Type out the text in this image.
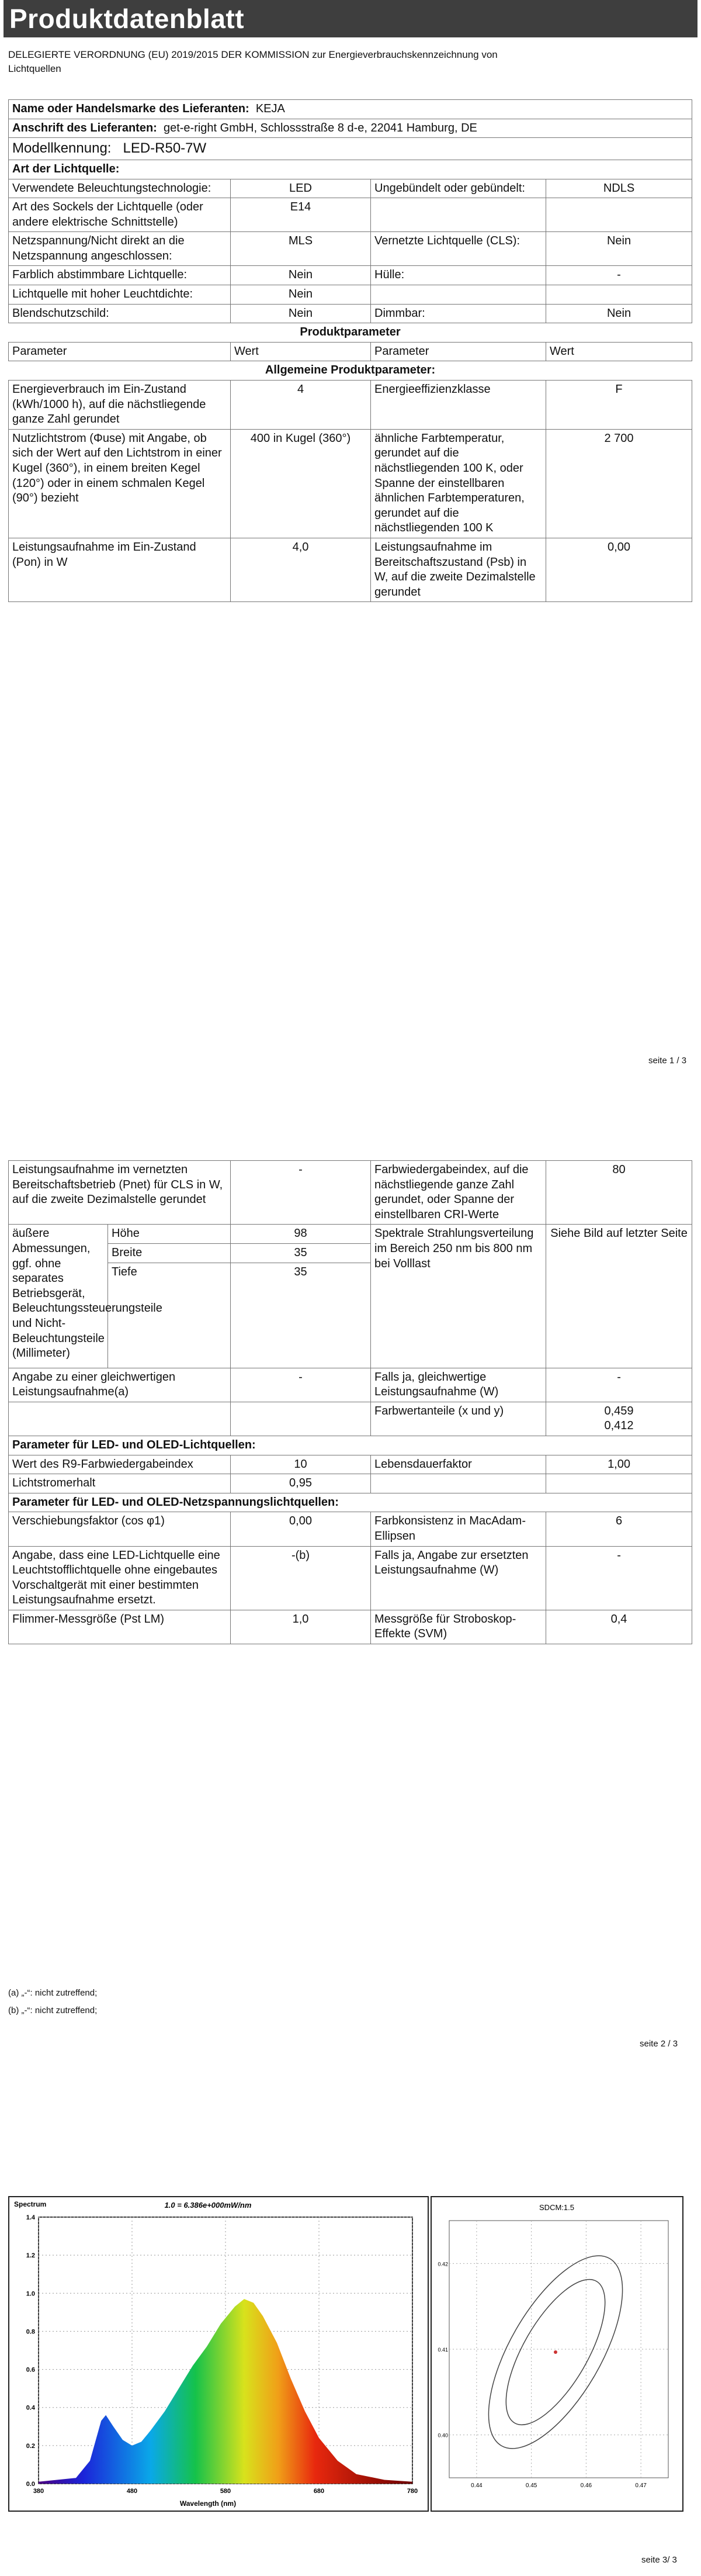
Produktdatenblatt
DELEGIERTE VERORDNUNG (EU) 2019/2015 DER KOMMISSION zur Energieverbrauchskennzeichnung von Lichtquellen
Name oder Handelsmarke des Lieferanten: KEJA			
Anschrift des Lieferanten: get-e-right GmbH, Schlossstraße 8 d-e, 22041 Hamburg, DE			
Modellkennung: LED-R50-7W			
Art der Lichtquelle:			
Verwendete Beleuchtungstechnologie:	LED	Ungebündelt oder gebündelt:	NDLS
Art des Sockels der Lichtquelle (oder andere elektrische Schnittstelle)	E14		
Netzspannung/Nicht direkt an die Netzspannung angeschlossen:	MLS	Vernetzte Lichtquelle (CLS):	Nein
Farblich abstimmbare Lichtquelle:	Nein	Hülle:	-
Lichtquelle mit hoher Leuchtdichte:	Nein		
Blendschutzschild:	Nein	Dimmbar:	Nein
Produktparameter			
Parameter	Wert	Parameter	Wert
Allgemeine Produktparameter:			
Energieverbrauch im Ein-Zustand (kWh/1000 h), auf die nächstliegende ganze Zahl gerundet	4	Energieeffizienzklasse	F
Nutzlichtstrom (Φuse) mit Angabe, ob sich der Wert auf den Lichtstrom in einer Kugel (360°), in einem breiten Kegel (120°) oder in einem schmalen Kegel (90°) bezieht	400 in Kugel (360°)	ähnliche Farbtemperatur, gerundet auf die nächstliegenden 100 K, oder Spanne der einstellbaren ähnlichen Farbtemperaturen, gerundet auf die nächstliegenden 100 K	2 700
Leistungsaufnahme im Ein-Zustand (Pon) in W	4,0	Leistungsaufnahme im Bereitschaftszustand (Psb) in W, auf die zweite Dezimalstelle gerundet	0,00
seite 1 / 3
Leistungsaufnahme im vernetzten Bereitschaftsbetrieb (Pnet) für CLS in W, auf die zweite Dezimalstelle gerundet		-	Farbwiedergabeindex, auf die nächstliegende ganze Zahl gerundet, oder Spanne der einstellbaren CRI-Werte	80
äußere Abmessungen, ggf. ohne separates Betriebsgerät, Beleuchtungssteuerungsteile und Nicht-Beleuchtungsteile (Millimeter)	Höhe	98	Spektrale Strahlungsverteilung im Bereich 250 nm bis 800 nm bei Volllast	Siehe Bild auf letzter Seite
	Breite	35		
	Tiefe	35		
Angabe zu einer gleichwertigen Leistungsaufnahme(a)		-	Falls ja, gleichwertige Leistungsaufnahme (W)	-
			Farbwertanteile (x und y)	0,459
0,412

Parameter für LED- und OLED-Lichtquellen:				
Wert des R9-Farbwiedergabeindex		10	Lebensdauerfaktor	1,00
Lichtstromerhalt		0,95		
Parameter für LED- und OLED-Netzspannungslichtquellen:				
Verschiebungsfaktor (cos φ1)		0,00	Farbkonsistenz in MacAdam-Ellipsen	6
Angabe, dass eine LED-Lichtquelle eine Leuchtstofflichtquelle ohne eingebautes Vorschaltgerät mit einer bestimmten Leistungsaufnahme ersetzt.		-(b)	Falls ja, Angabe zur ersetzten Leistungsaufnahme (W)	-
Flimmer-Messgröße (Pst LM)		1,0	Messgröße für Stroboskop-Effekte (SVM)	0,4
(a) „-“: nicht zutreffend;
(b) „-“: nicht zutreffend;
seite 2 / 3
Spectrum	1.0 = 6.386e+000mW/nm
0.0
0.2
0.4
0.6
0.8
1.0
1.2
1.4
380	480	580	680	780
Wavelength (nm)
SDCM:1.5
0.44	0.45	0.46	0.47
0.40
0.41
0.42
seite 3/ 3
